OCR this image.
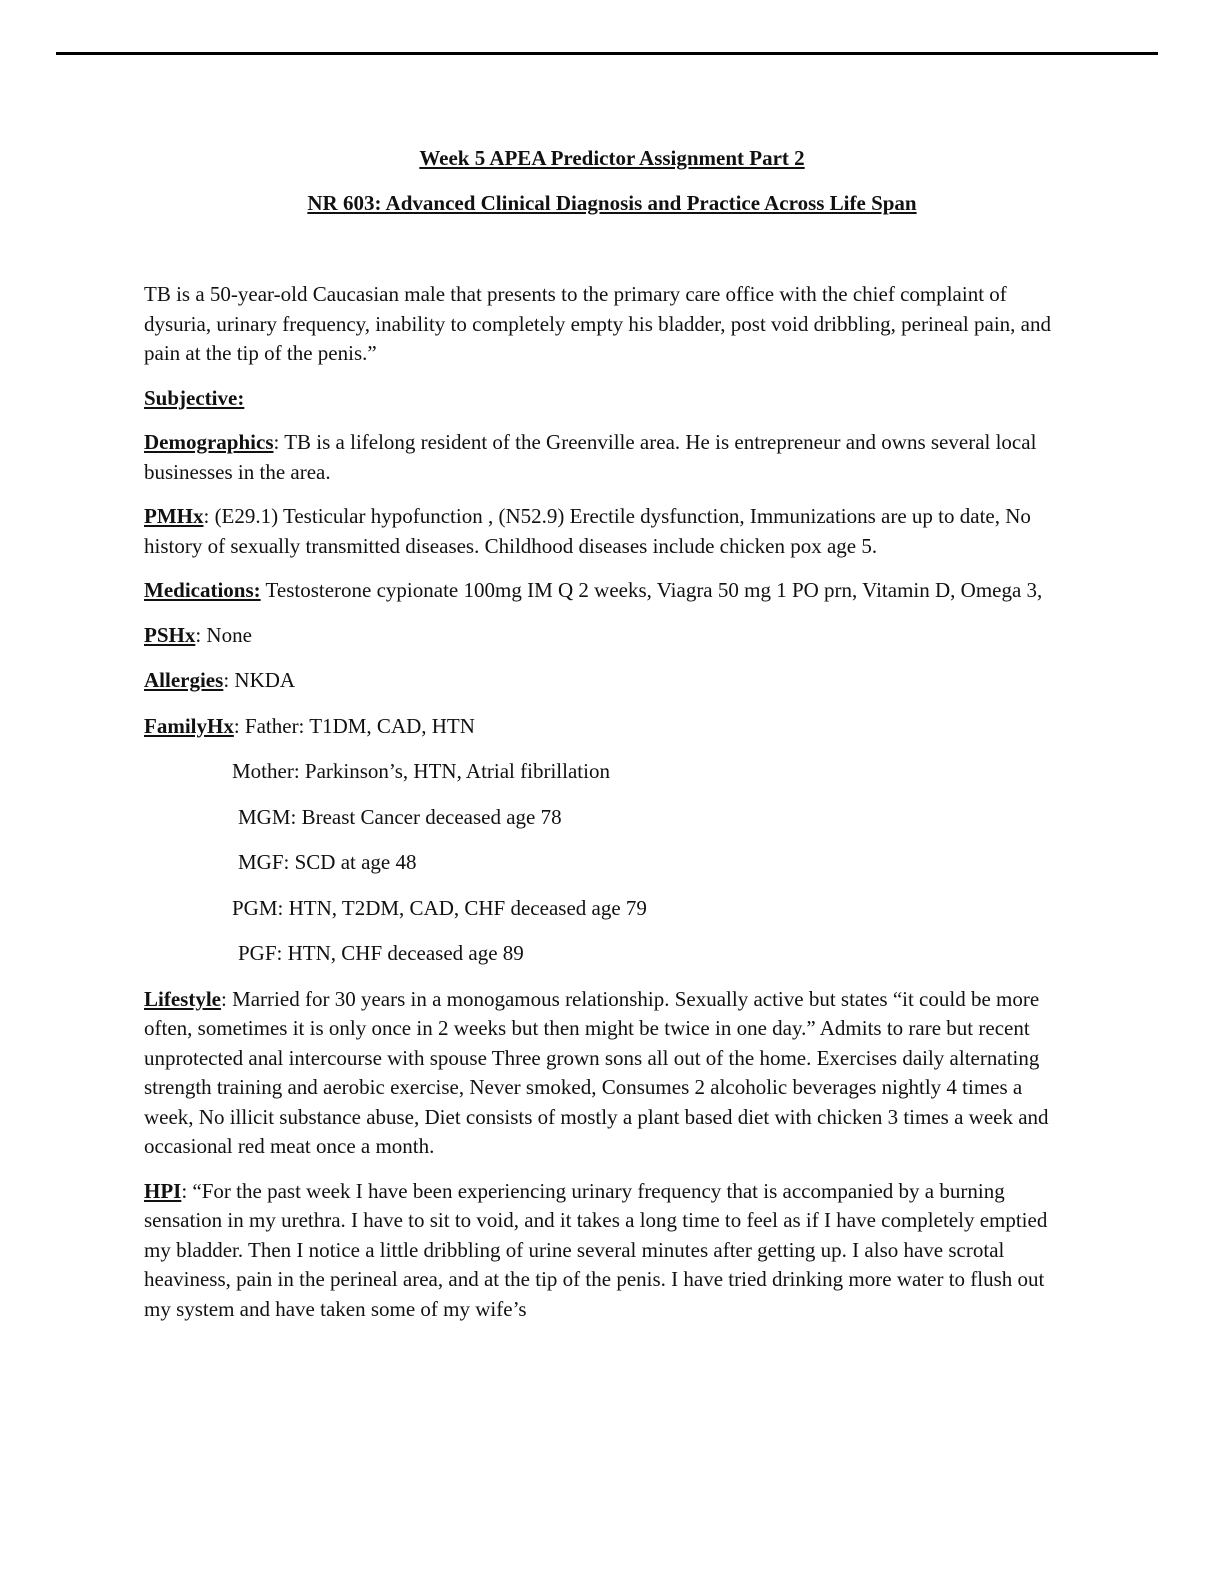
Week 5 APEA Predictor Assignment Part 2
NR 603: Advanced Clinical Diagnosis and Practice Across Life Span

TB is a 50-year-old Caucasian male that presents to the primary care office with the chief complaint of dysuria, urinary frequency, inability to completely empty his bladder, post void dribbling, perineal pain, and pain at the tip of the penis.”

Subjective:

Demographics: TB is a lifelong resident of the Greenville area. He is entrepreneur and owns several local businesses in the area.

PMHx: (E29.1) Testicular hypofunction , (N52.9) Erectile dysfunction, Immunizations are up to date, No history of sexually transmitted diseases. Childhood diseases include chicken pox age 5.

Medications: Testosterone cypionate 100mg IM Q 2 weeks, Viagra 50 mg 1 PO prn, Vitamin D, Omega 3,

PSHx: None

Allergies: NKDA

FamilyHx: Father: T1DM, CAD, HTN

Mother: Parkinson’s, HTN, Atrial fibrillation

MGM: Breast Cancer deceased age 78

MGF: SCD at age 48

PGM: HTN, T2DM, CAD, CHF deceased age 79

PGF: HTN, CHF deceased age 89

Lifestyle: Married for 30 years in a monogamous relationship. Sexually active but states “it could be more often, sometimes it is only once in 2 weeks but then might be twice in one day.” Admits to rare but recent unprotected anal intercourse with spouse Three grown sons all out of the home. Exercises daily alternating strength training and aerobic exercise, Never smoked, Consumes 2 alcoholic beverages nightly 4 times a week, No illicit substance abuse, Diet consists of mostly a plant based diet with chicken 3 times a week and occasional red meat once a month.

HPI: “For the past week I have been experiencing urinary frequency that is accompanied by a burning sensation in my urethra. I have to sit to void, and it takes a long time to feel as if I have completely emptied my bladder. Then I notice a little dribbling of urine several minutes after getting up. I also have scrotal heaviness, pain in the perineal area, and at the tip of the penis. I have tried drinking more water to flush out my system and have taken some of my wife’s
